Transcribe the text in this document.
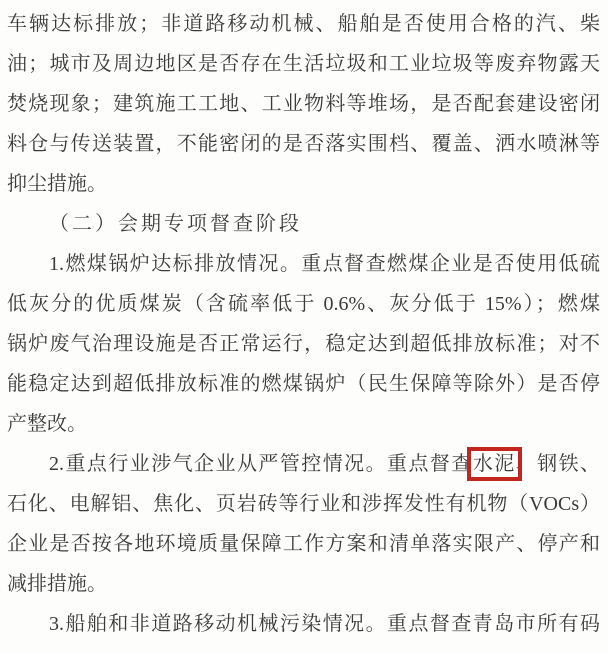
车辆达标排放；非道路移动机械、船舶是否使用合格的汽、柴
油；城市及周边地区是否存在生活垃圾和工业垃圾等废弃物露天
焚烧现象；建筑施工工地、工业物料等堆场，是否配套建设密闭
料仓与传送装置，不能密闭的是否落实围档、覆盖、洒水喷淋等
抑尘措施。
（二）会期专项督查阶段
1.燃煤锅炉达标排放情况。重点督查燃煤企业是否使用低硫
低灰分的优质煤炭（含硫率低于 0.6%、灰分低于 15%）；燃煤
锅炉废气治理设施是否正常运行，稳定达到超低排放标准；对不
能稳定达到超低排放标准的燃煤锅炉（民生保障等除外）是否停
产整改。
2.重点行业涉气企业从严管控情况。重点督查水泥、钢铁、
石化、电解铝、焦化、页岩砖等行业和涉挥发性有机物（VOCs）
企业是否按各地环境质量保障工作方案和清单落实限产、停产和
减排措施。
3.船舶和非道路移动机械污染情况。重点督查青岛市所有码
